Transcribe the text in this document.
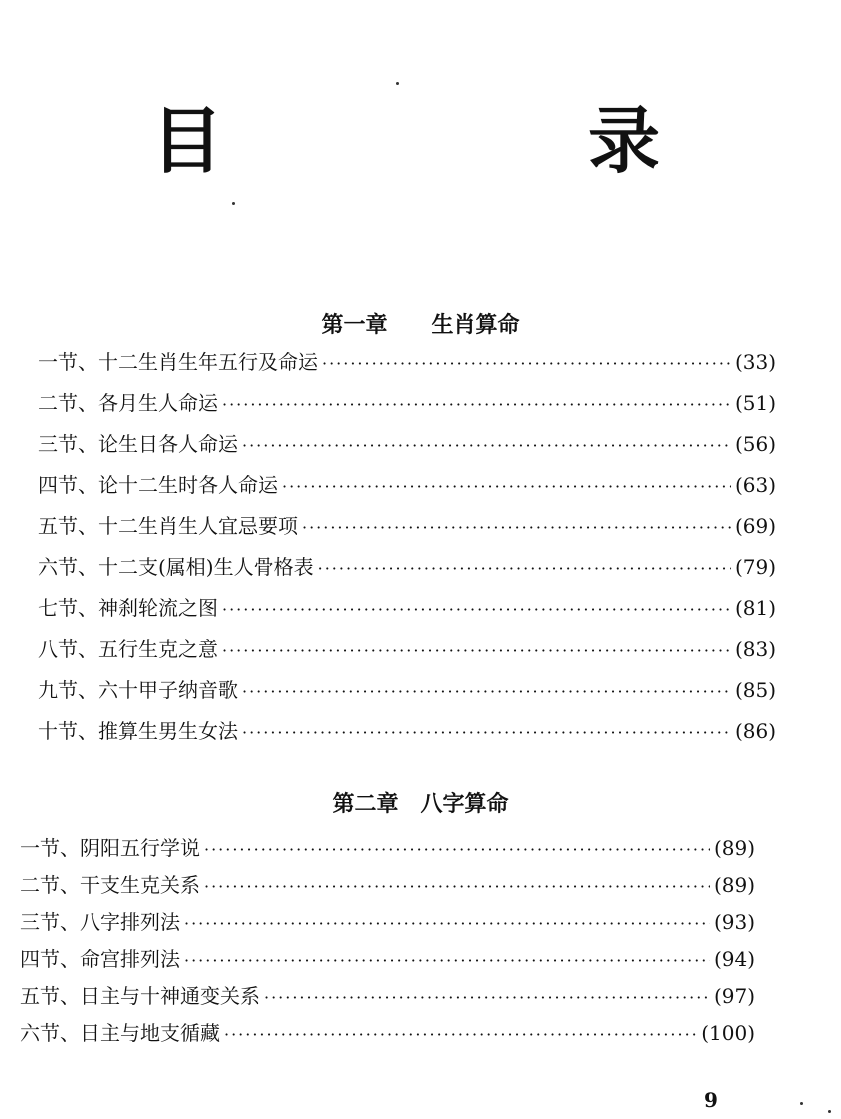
目 录
第一章 生肖算命
一节、十二生肖生年五行及命运 ·····	(33)
二节、各月生人命运 ·····	(51)
三节、论生日各人命运 ·····	(56)
四节、论十二生时各人命运 ·····	(63)
五节、十二生肖生人宜忌要项 ·····	(69)
六节、十二支(属相)生人骨格表 ·····	(79)
七节、神刹轮流之图 ·····	(81)
八节、五行生克之意 ·····	(83)
九节、六十甲子纳音歌 ·····	(85)
十节、推算生男生女法 ·····	(86)
第二章 八字算命
一节、阴阳五行学说 ·····	(89)
二节、干支生克关系 ·····	(89)
三节、八字排列法 ·····	(93)
四节、命宫排列法 ·····	(94)
五节、日主与十神通变关系 ·····	(97)
六节、日主与地支循藏 ·····	(100)
9
